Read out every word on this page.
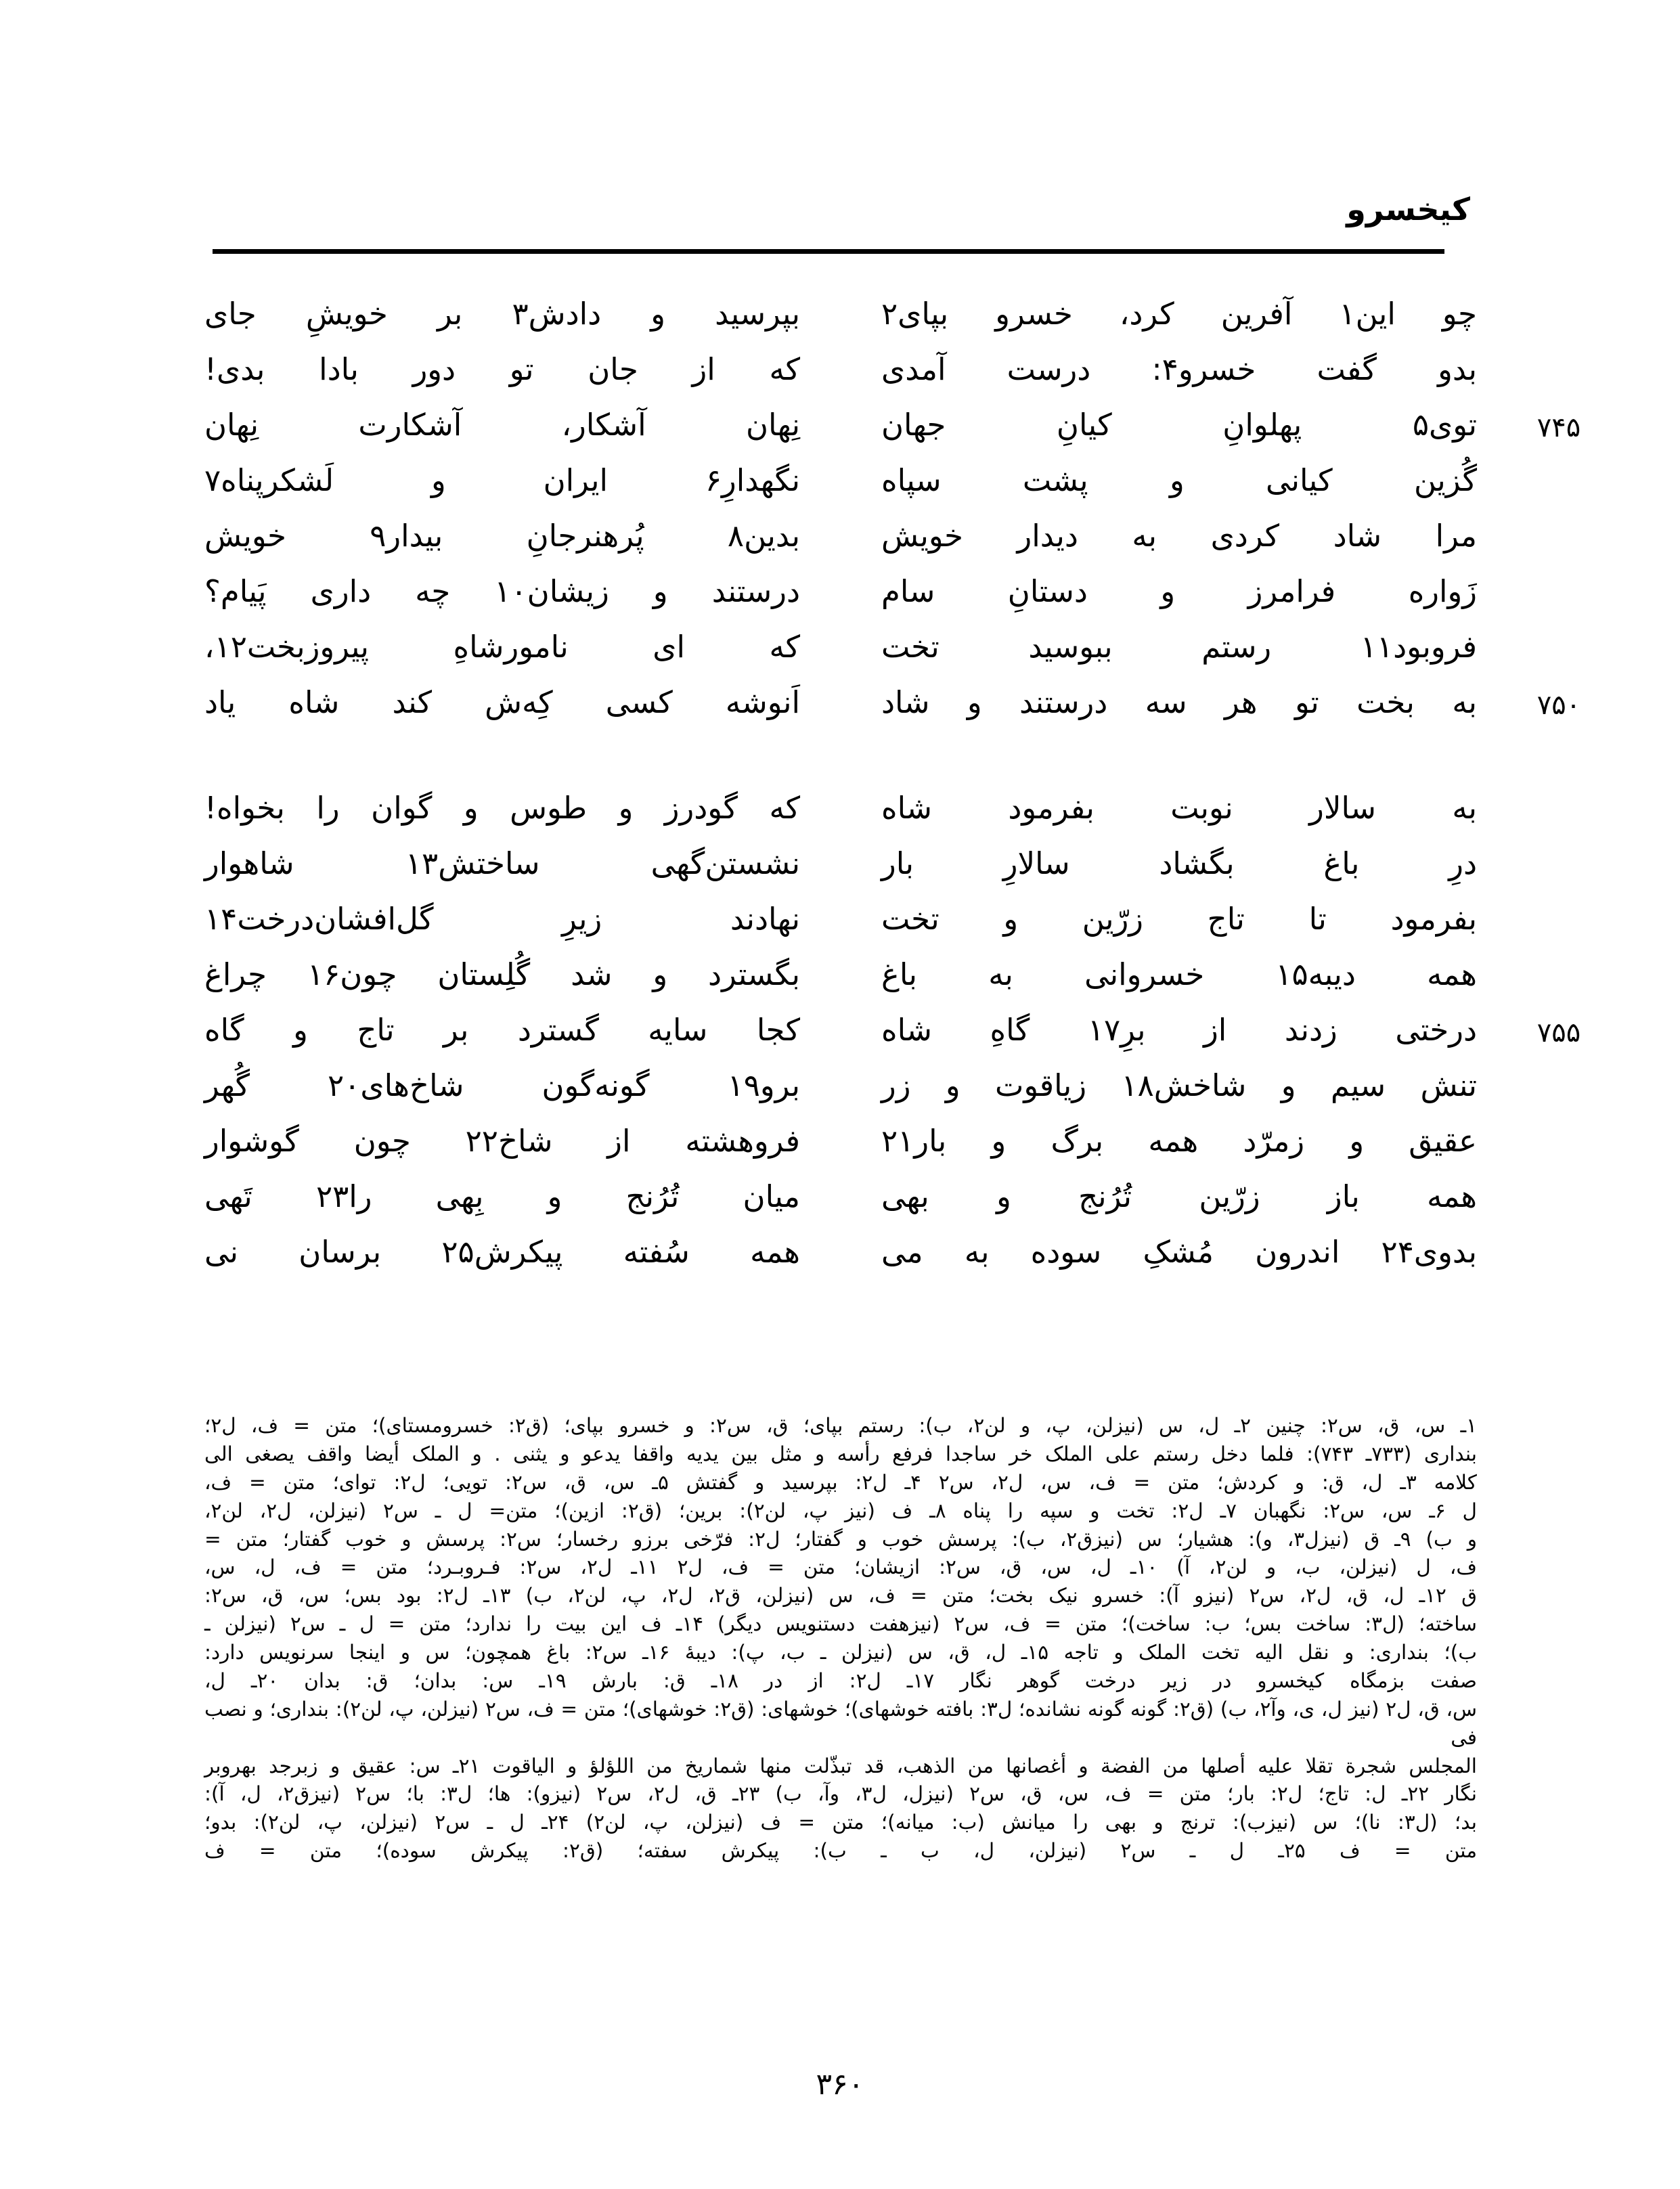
کیخسرو
چو این۱ آفرین کرد، خسرو بپای۲
بپرسید و دادش۳ بر خویشِ جای
بدو گفت خسرو۴: درست آمدی
که از جان تو دور بادا بدی!
۷۴۵
توی۵ پهلوانِ کیانِ جهان
نِهان آشکار، آشکارت نِهان
گُزین کیانی و پشت سپاه
نگهدارِ۶ ایران و لَشکرپناه۷
مرا شاد کردی به دیدار خویش
بدین۸ پُرهنرجانِ بیدار۹ خویش
زَواره فرامرز و دستانِ سام
درستند و زیشان۱۰ چه داری پَیام؟
فروبود۱۱ رستم ببوسید تخت
که ای نامورشاهِ پیروزبخت۱۲،
۷۵۰
به بخت تو هر سه درستند و شاد
اَنوشه کسی کِه‌ش کند شاه یاد
به سالار نوبت بفرمود شاه
که گودرز و طوس و گوان را بخواه!
درِ باغ بگشاد سالارِ بار
نشستن‌گهی ساختش۱۳ شاهوار
بفرمود تا تاج زرّین و تخت
نهادند زیرِ گل‌افشان‌درخت۱۴
همه دیبه۱۵ خسروانی به باغ
بگسترد و شد گُلِستان چون۱۶ چراغ
۷۵۵
درختی زدند از برِ۱۷ گاهِ شاه
کجا سایه گسترد بر تاج و گاه
تنش سیم و شاخش۱۸ زیاقوت و زر
برو۱۹ گونه‌گون شاخ‌های۲۰ گُهر
عقیق و زمرّد همه برگ و بار۲۱
فروهشته از شاخ۲۲ چون گوشوار
همه باز زرّین تُرُنج و بهی
میان تُرُنج و بِهی را۲۳ تَهی
بدوی۲۴ اندرون مُشکِ سوده به می
همه سُفته پیکرش۲۵ برسان نی
۱ـ س، ق، س۲: چنین ۲ـ ل، س (نیز‌لن، پ، و لن۲، ب): رستم بپای؛ ق، س۲: و خسرو بپای؛ (ق۲: خسرو‌مستای)؛ متن = ف، ل۲؛
بنداری (۷۳۳ـ ۷۴۳): فلما دخل رستم علی الملک خر ساجدا فرفع رأسه و مثل بین یدیه واقفا یدعو و یثنی . و الملک أیضا واقف یصغی الی
کلامه ۳ـ ل، ق: و کردش؛ متن = ف، س، ل۲، س۲ ۴ـ ل۲: بپرسید و گفتش ۵ـ س، ق، س۲: تویی؛ ل۲: توای؛ متن = ف،
ل ۶ـ س، س۲: نگهبان ۷ـ ل۲: تخت و سپه را پناه ۸ـ ف (نیز پ، لن۲): برین؛ (ق۲: ازین)؛ متن= ل ـ س۲ (نیز‌لن، ل۲، لن۲،
و ب) ۹ـ ق (نیز‌ل۳، و): هشیار؛ س (نیز‌ق۲، ب): پرسش خوب و گفتار؛ ل۲: فرّخی برزو رخسار؛ س۲: پرسش و خوب گفتار؛ متن =
ف، ل (نیز‌لن، ب، و لن۲، آ) ۱۰ـ ل، س، ق، س۲: ازیشان؛ متن = ف، ل۲ ۱۱ـ ل۲، س۲: فـروبـرد؛ متن = ف، ل، س،
ق ۱۲ـ ل، ق، ل۲، س۲ (نیز‌و آ): خسرو نیک بخت؛ متن = ف، س (نیز‌لن، ق۲، ل۲، پ، لن۲، ب) ۱۳ـ ل۲: بود بس؛ س، ق، س۲:
ساخته؛ (ل۳: ساخت بس؛ ب: ساخت)؛ متن = ف، س۲ (نیز‌هفت دستنویس دیگر) ۱۴ـ ف این بیت را ندارد؛ متن = ل ـ س۲ (نیز‌لن ـ
ب)؛ بنداری: و نقل الیه تخت الملک و تاجه ۱۵ـ ل، ق، س (نیز‌لن ـ ب، پ): دیبۀ ۱۶ـ س۲: باغ همچون؛ س و اینجا سرنویس دارد:
صفت بزمگاه کیخسرو در زیر درخت گوهر نگار ۱۷ـ ل۲: از در ۱۸ـ ق: بارش ۱۹ـ س: بدان؛ ق: بدان ۲۰ـ ل،
س، ق، ل۲ (نیز ل، ی، وآ۲، ب) (ق۲: گونه گونه نشانده؛ ل۳: بافته خوشهای)؛ خوشهای: (ق۲: خوشهای)؛ متن = ف، س۲ (نیز‌لن، پ، لن۲): بنداری؛ و نصب فی
المجلس شجرة تقلا علیه أصلها من الفضة و أغصانها من الذهب، قد تبذّلت منها شماریخ من اللؤلؤ و الیاقوت ۲۱ـ س: عقیق و زبرجد بهروبر
نگار ۲۲ـ ل: تاج؛ ل۲: بار؛ متن = ف، س، ق، س۲ (نیز‌ل، ل۳، وآ، ب) ۲۳ـ ق، ل۲، س۲ (نیز‌و): ها؛ ل۳: با؛ س۲ (نیز‌ق۲، ل، آ):
بد؛ (ل۳: نا)؛ س (نیز‌ب): ترنج و بهی را میانش (ب: میانه)؛ متن = ف (نیز‌لن، پ، لن۲) ۲۴ـ ل ـ س۲ (نیز‌لن، پ، لن۲): بدو؛
متن = ف ۲۵ـ ل ـ س۲ (نیز‌لن، ل، ب ـ ب): پیکرش سفته؛ (ق۲: پیکرش سوده)؛ متن = ف
۳۶۰
